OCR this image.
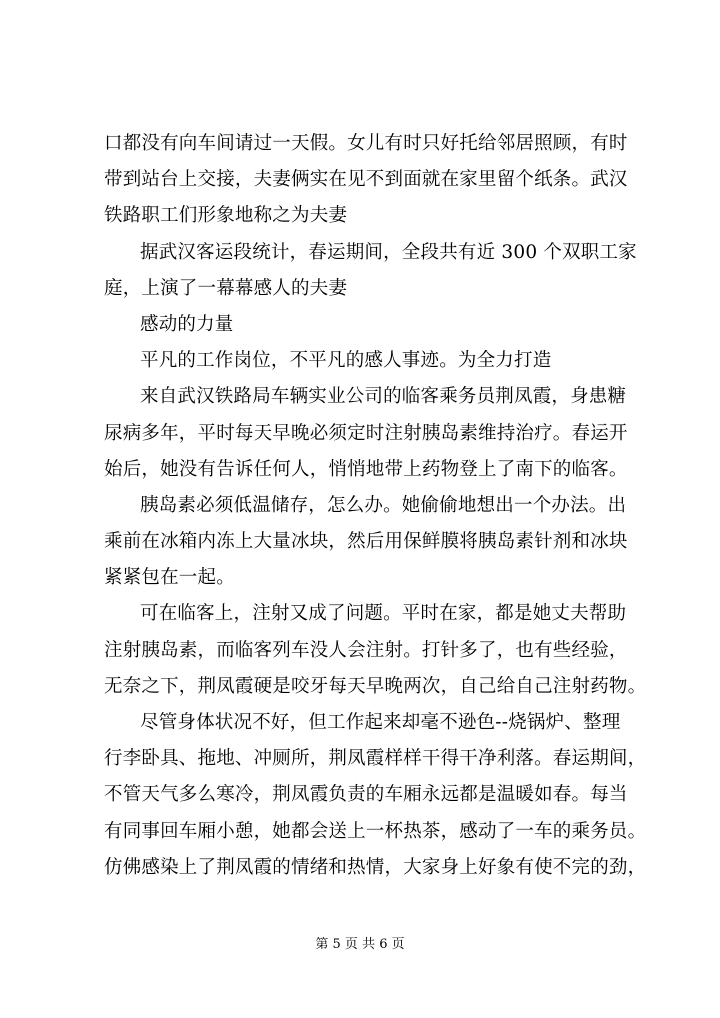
口都没有向车间请过一天假。女儿有时只好托给邻居照顾，有时
带到站台上交接，夫妻俩实在见不到面就在家里留个纸条。武汉
铁路职工们形象地称之为夫妻
据武汉客运段统计，春运期间，全段共有近 300 个双职工家
庭，上演了一幕幕感人的夫妻
感动的力量
平凡的工作岗位，不平凡的感人事迹。为全力打造
来自武汉铁路局车辆实业公司的临客乘务员荆凤霞，身患糖
尿病多年，平时每天早晚必须定时注射胰岛素维持治疗。春运开
始后，她没有告诉任何人，悄悄地带上药物登上了南下的临客。
胰岛素必须低温储存，怎么办。她偷偷地想出一个办法。出
乘前在冰箱内冻上大量冰块，然后用保鲜膜将胰岛素针剂和冰块
紧紧包在一起。
可在临客上，注射又成了问题。平时在家，都是她丈夫帮助
注射胰岛素，而临客列车没人会注射。打针多了，也有些经验，
无奈之下，荆凤霞硬是咬牙每天早晚两次，自己给自己注射药物。
尽管身体状况不好，但工作起来却毫不逊色--烧锅炉、整理
行李卧具、拖地、冲厕所，荆凤霞样样干得干净利落。春运期间，
不管天气多么寒冷，荆凤霞负责的车厢永远都是温暖如春。每当
有同事回车厢小憩，她都会送上一杯热茶，感动了一车的乘务员。
仿佛感染上了荆凤霞的情绪和热情，大家身上好象有使不完的劲，
第 5 页 共 6 页
